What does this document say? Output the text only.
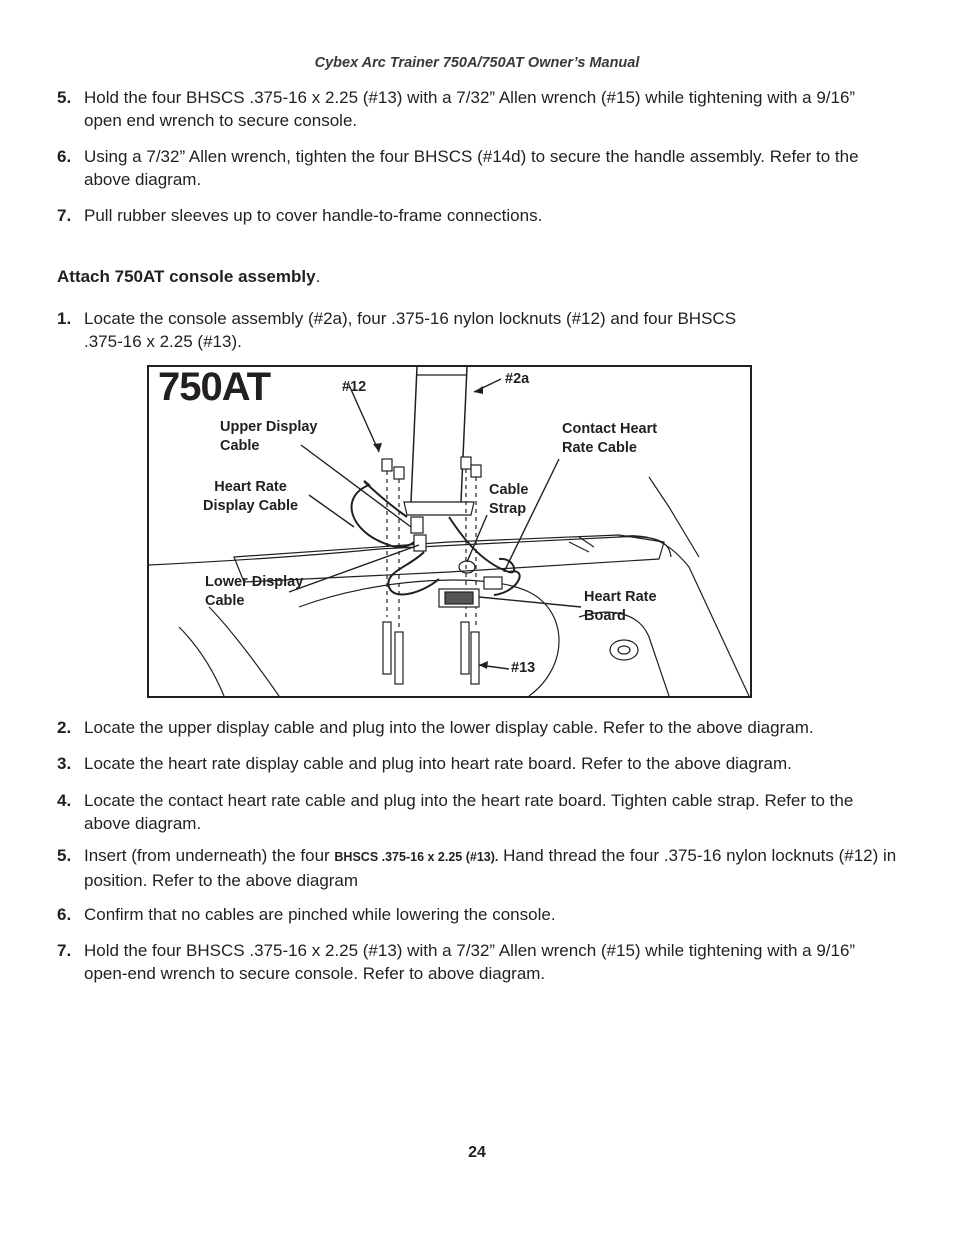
Cybex Arc Trainer 750A/750AT Owner’s Manual
5. Hold the four BHSCS .375-16 x 2.25 (#13) with a 7/32” Allen wrench (#15) while tightening with a 9/16” open end wrench to secure console.
6. Using a 7/32” Allen wrench, tighten the four BHSCS (#14d) to secure the handle assembly. Refer to the above diagram.
7. Pull rubber sleeves up to cover handle-to-frame connections.
Attach 750AT console assembly.
1. Locate the console assembly (#2a), four .375-16 nylon locknuts (#12) and four BHSCS
.375-16 x 2.25 (#13).
750AT	#12	#2a
Upper Display
Cable
Contact Heart
Rate Cable
Heart Rate
Display Cable
Cable
Strap
Lower Display
Cable	Heart Rate
Board
#13
2. Locate the upper display cable and plug into the lower display cable. Refer to the above diagram.
3. Locate the heart rate display cable and plug into heart rate board. Refer to the above diagram.
4. Locate the contact heart rate cable and plug into the heart rate board. Tighten cable strap. Refer to the above diagram.
5. Insert (from underneath) the four BHSCS .375-16 x 2.25 (#13). Hand thread the four .375-16 nylon locknuts (#12) in position. Refer to the above diagram
6. Confirm that no cables are pinched while lowering the console.
7. Hold the four BHSCS .375-16 x 2.25 (#13) with a 7/32” Allen wrench (#15) while tightening with a 9/16” open-end wrench to secure console. Refer to above diagram.
24
